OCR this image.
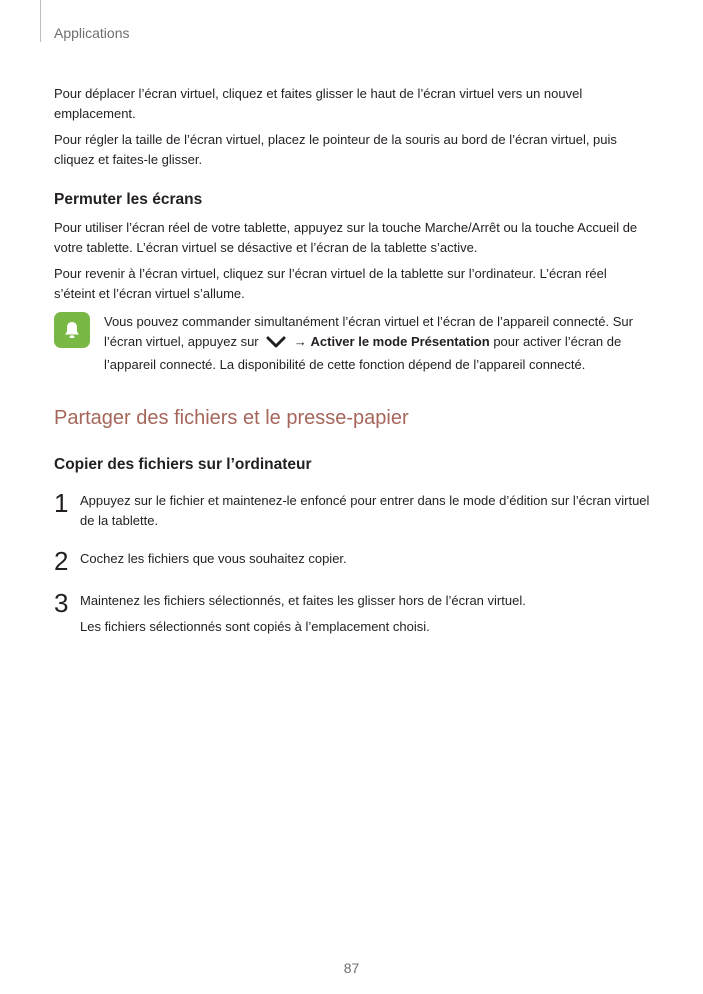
Applications

Pour déplacer l’écran virtuel, cliquez et faites glisser le haut de l’écran virtuel vers un nouvel emplacement.

Pour régler la taille de l’écran virtuel, placez le pointeur de la souris au bord de l’écran virtuel, puis cliquez et faites-le glisser.

Permuter les écrans

Pour utiliser l’écran réel de votre tablette, appuyez sur la touche Marche/Arrêt ou la touche Accueil de votre tablette. L’écran virtuel se désactive et l’écran de la tablette s’active.

Pour revenir à l’écran virtuel, cliquez sur l’écran virtuel de la tablette sur l’ordinateur. L’écran réel s’éteint et l’écran virtuel s’allume.

Vous pouvez commander simultanément l’écran virtuel et l’écran de l’appareil connecté. Sur l’écran virtuel, appuyez sur	→ Activer le mode Présentation pour activer l’écran de l’appareil connecté. La disponibilité de cette fonction dépend de l’appareil connecté.
Partager des fichiers et le presse-papier
Copier des fichiers sur l’ordinateur
1 Appuyez sur le fichier et maintenez-le enfoncé pour entrer dans le mode d’édition sur l’écran virtuel de la tablette.
2 Cochez les fichiers que vous souhaitez copier.
3 Maintenez les fichiers sélectionnés, et faites les glisser hors de l’écran virtuel.
Les fichiers sélectionnés sont copiés à l’emplacement choisi.
87
